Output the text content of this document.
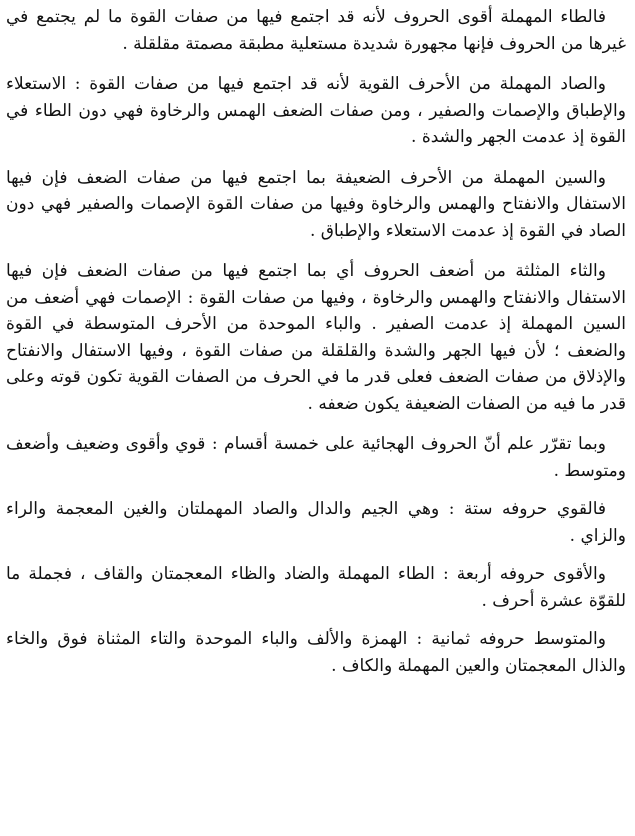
فالطاء المهملة أقوى الحروف لأنه قد اجتمع فيها من صفات القوة ما لم يجتمع في غيرها من الحروف فإنها مجهورة شديدة مستعلية مطبقة مصمتة مقلقلة .

والصاد المهملة من الأحرف القوية لأنه قد اجتمع فيها من صفات القوة : الاستعلاء والإطباق والإصمات والصفير ، ومن صفات الضعف الهمس والرخاوة فهي دون الطاء في القوة إذ عدمت الجهر والشدة .

والسين المهملة من الأحرف الضعيفة بما اجتمع فيها من صفات الضعف فإن فيها الاستفال والانفتاح والهمس والرخاوة وفيها من صفات القوة الإصمات والصفير فهي دون الصاد في القوة إذ عدمت الاستعلاء والإطباق .

والثاء المثلثة من أضعف الحروف أي بما اجتمع فيها من صفات الضعف فإن فيها الاستفال والانفتاح والهمس والرخاوة ، وفيها من صفات القوة : الإصمات فهي أضعف من السين المهملة إذ عدمت الصفير . والباء الموحدة من الأحرف المتوسطة في القوة والضعف ؛ لأن فيها الجهر والشدة والقلقلة من صفات القوة ، وفيها الاستفال والانفتاح والإذلاق من صفات الضعف فعلى قدر ما في الحرف من الصفات القوية تكون قوته وعلى قدر ما فيه من الصفات الضعيفة يكون ضعفه .

وبما تقرّر علم أنّ الحروف الهجائية على خمسة أقسام : قوي وأقوى وضعيف وأضعف ومتوسط .

فالقوي حروفه ستة : وهي الجيم والدال والصاد المهملتان والغين المعجمة والراء والزاي .

والأقوى حروفه أربعة : الطاء المهملة والضاد والظاء المعجمتان والقاف ، فجملة ما للقوّة عشرة أحرف .

والمتوسط حروفه ثمانية : الهمزة والألف والباء الموحدة والتاء المثناة فوق والخاء والذال المعجمتان والعين المهملة والكاف .
